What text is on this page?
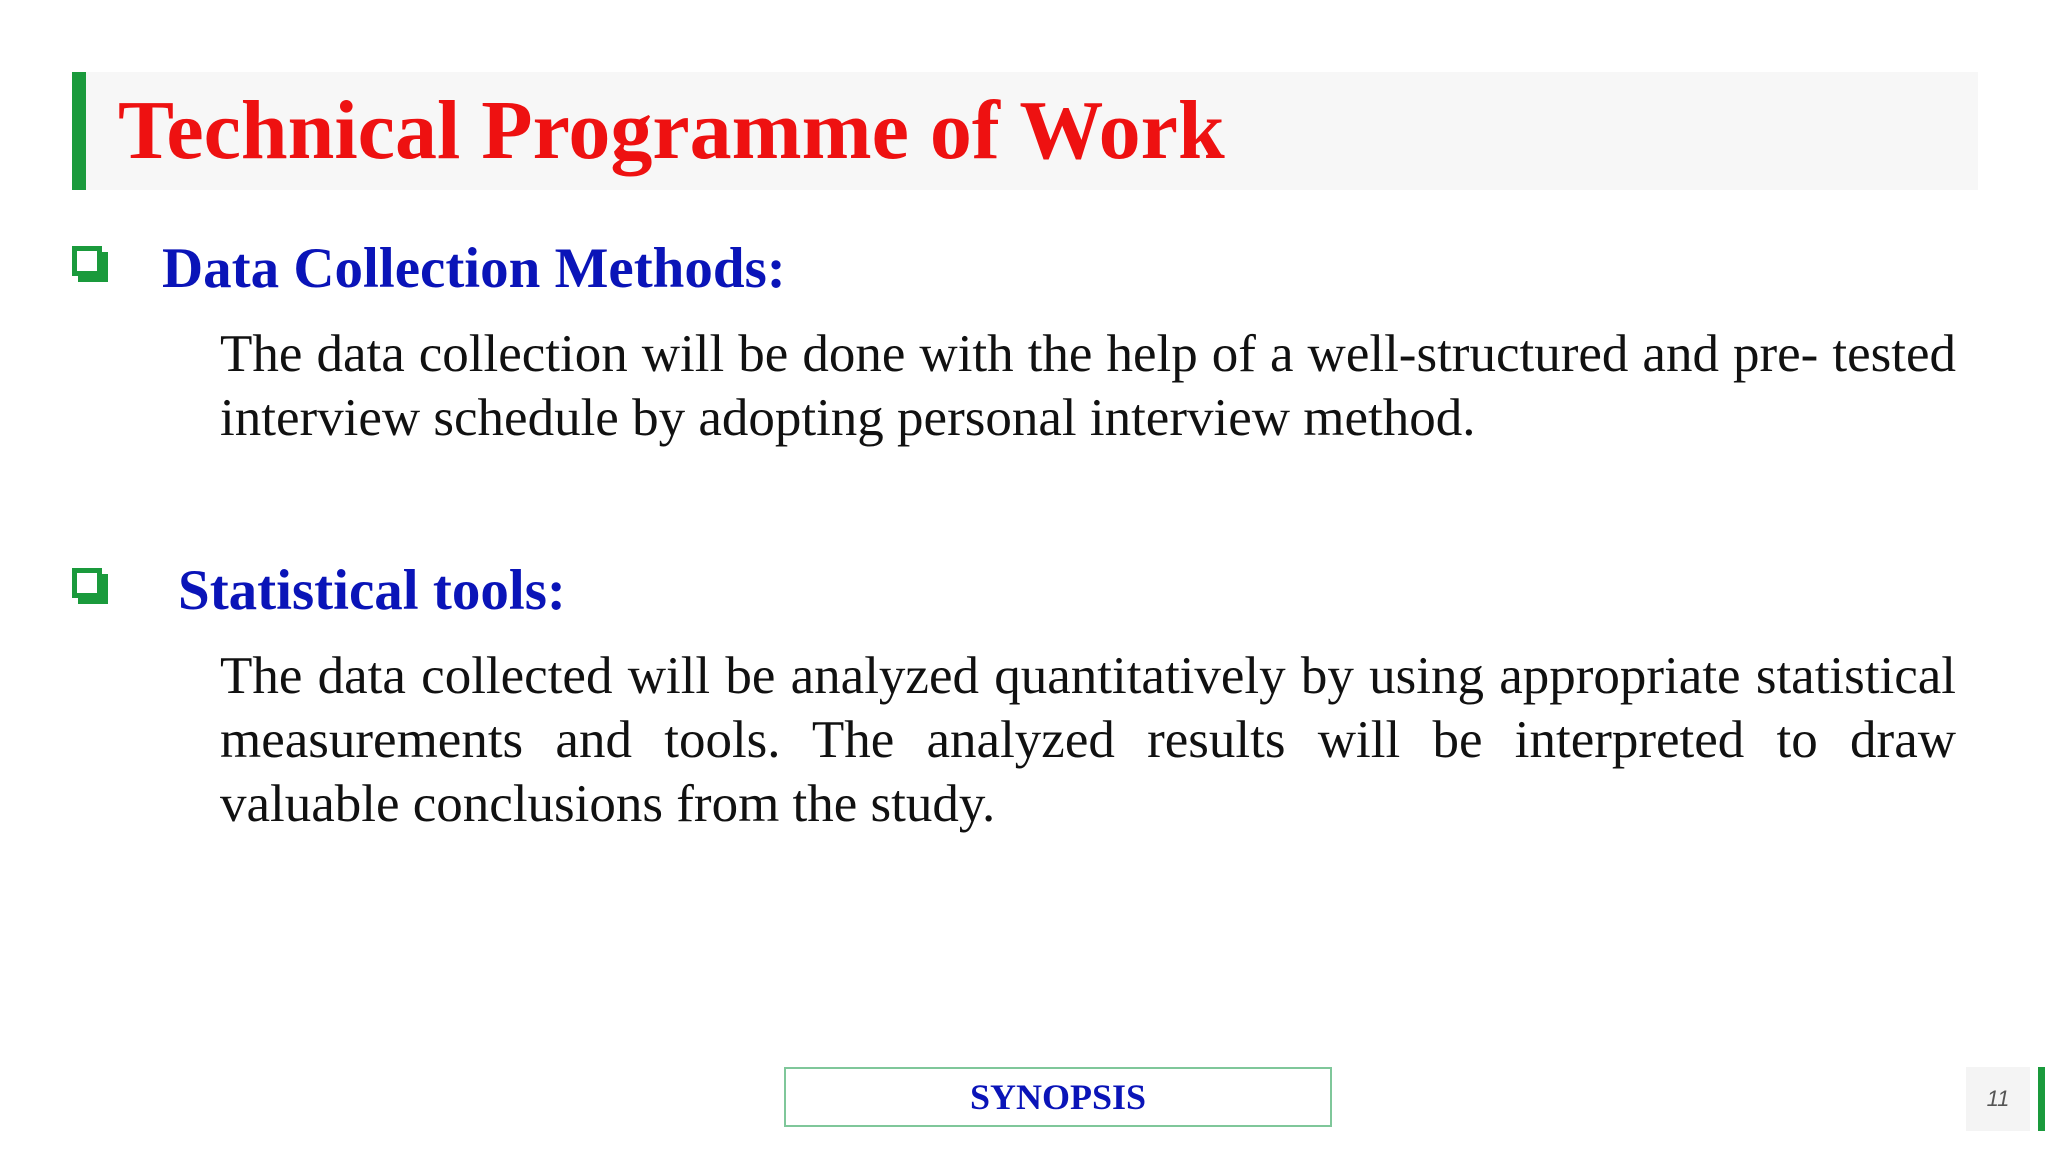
Technical Programme of Work
Data Collection Methods:

The data collection will be done with the help of a well-structured and pre- tested interview schedule by adopting personal interview method.

Statistical tools:

The data collected will be analyzed quantitatively by using appropriate statistical measurements and tools. The analyzed results will be interpreted to draw valuable conclusions from the study.

SYNOPSIS	11
